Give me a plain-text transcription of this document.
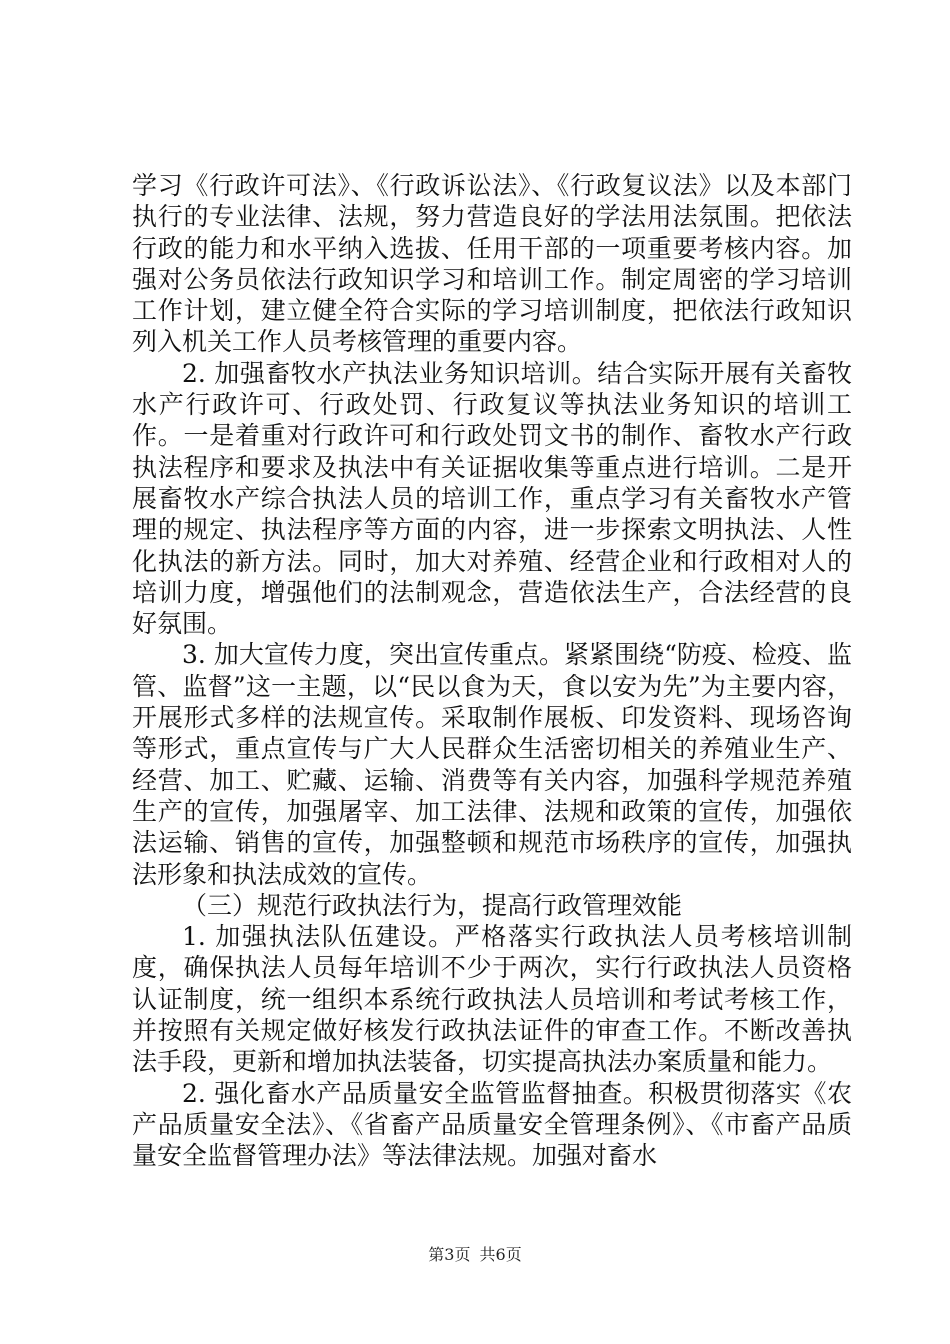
学习《行政许可法》、《行政诉讼法》、《行政复议法》以及本部门执行的专业法律、法规，努力营造良好的学法用法氛围。把依法行政的能力和水平纳入选拔、任用干部的一项重要考核内容。加强对公务员依法行政知识学习和培训工作。制定周密的学习培训工作计划，建立健全符合实际的学习培训制度，把依法行政知识列入机关工作人员考核管理的重要内容。

2. 加强畜牧水产执法业务知识培训。结合实际开展有关畜牧水产行政许可、行政处罚、行政复议等执法业务知识的培训工作。一是着重对行政许可和行政处罚文书的制作、畜牧水产行政执法程序和要求及执法中有关证据收集等重点进行培训。二是开展畜牧水产综合执法人员的培训工作，重点学习有关畜牧水产管理的规定、执法程序等方面的内容，进一步探索文明执法、人性化执法的新方法。同时，加大对养殖、经营企业和行政相对人的培训力度，增强他们的法制观念，营造依法生产，合法经营的良好氛围。

3. 加大宣传力度，突出宣传重点。紧紧围绕“防疫、检疫、监管、监督”这一主题，以“民以食为天，食以安为先”为主要内容，开展形式多样的法规宣传。采取制作展板、印发资料、现场咨询等形式，重点宣传与广大人民群众生活密切相关的养殖业生产、经营、加工、贮藏、运输、消费等有关内容，加强科学规范养殖生产的宣传，加强屠宰、加工法律、法规和政策的宣传，加强依法运输、销售的宣传，加强整顿和规范市场秩序的宣传，加强执法形象和执法成效的宣传。

（三）规范行政执法行为，提高行政管理效能

1. 加强执法队伍建设。严格落实行政执法人员考核培训制度，确保执法人员每年培训不少于两次，实行行政执法人员资格认证制度，统一组织本系统行政执法人员培训和考试考核工作，并按照有关规定做好核发行政执法证件的审查工作。不断改善执法手段，更新和增加执法装备，切实提高执法办案质量和能力。

2. 强化畜水产品质量安全监管监督抽查。积极贯彻落实《农产品质量安全法》、《省畜产品质量安全管理条例》、《市畜产品质量安全监督管理办法》等法律法规。加强对畜水

第3页 共6页
